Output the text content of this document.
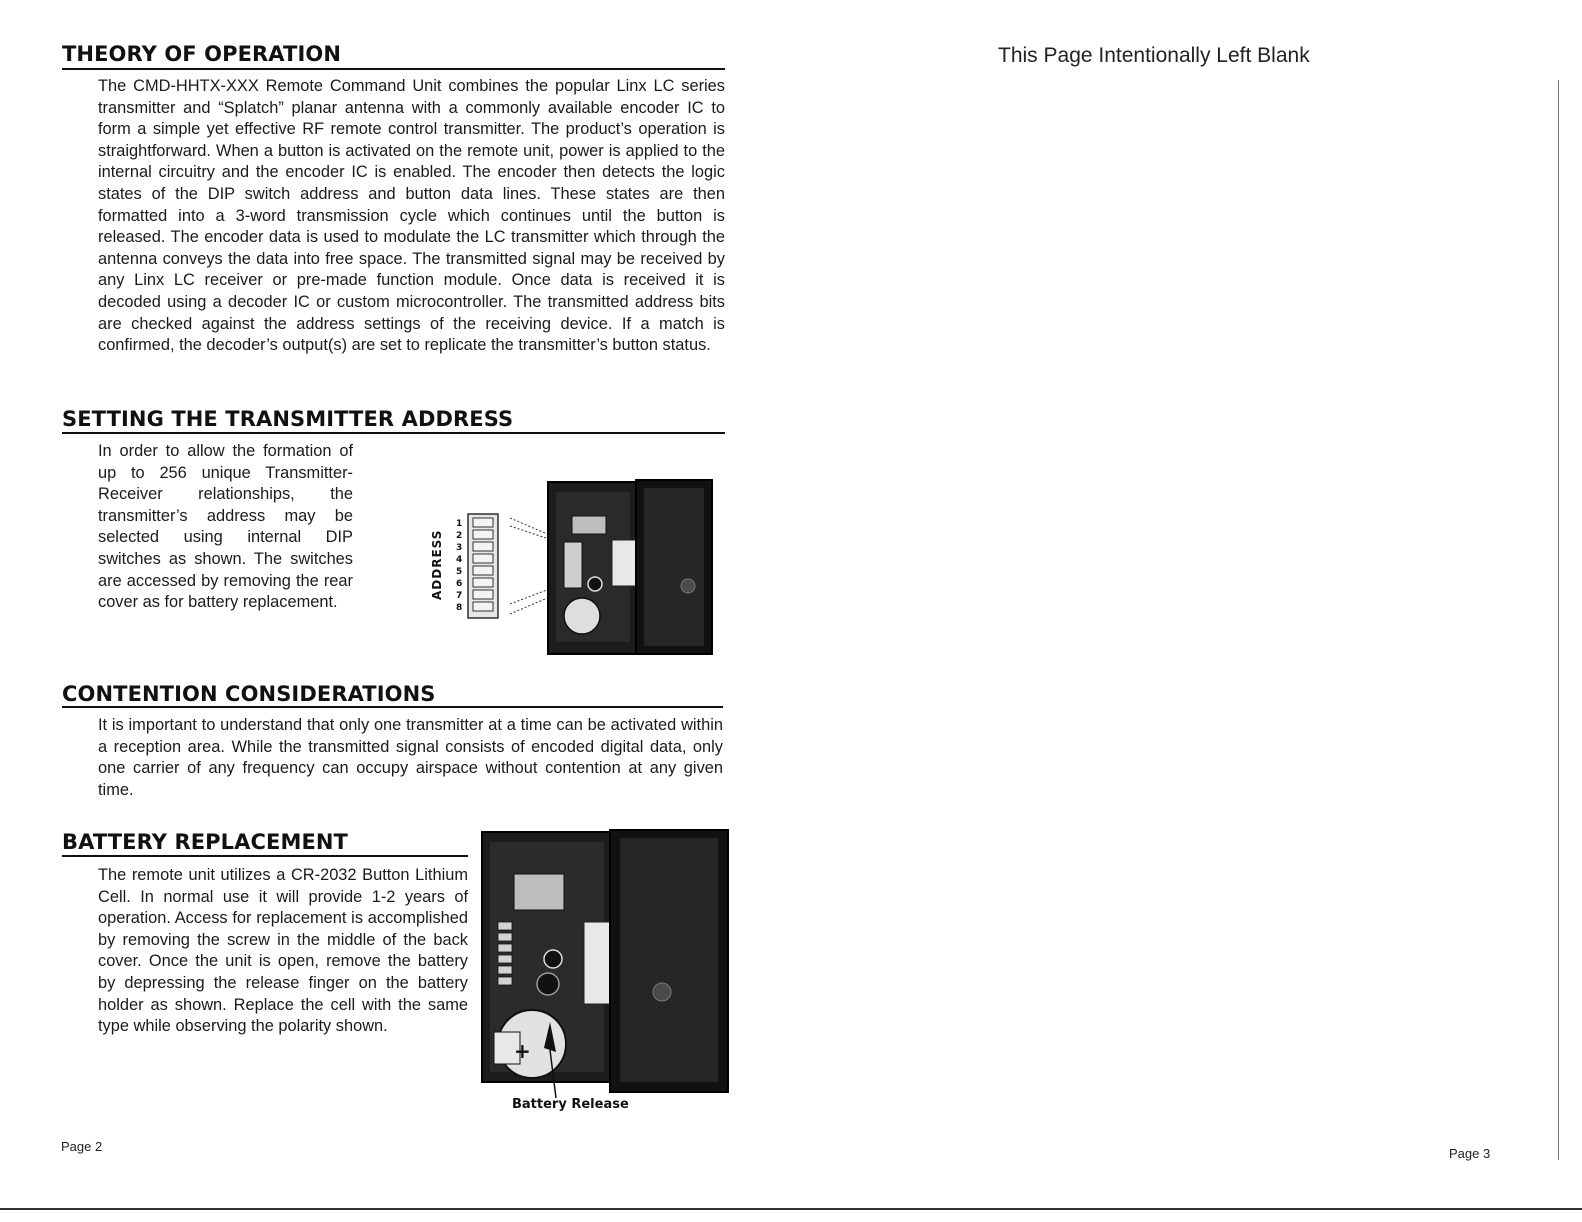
THEORY OF OPERATION

The CMD-HHTX-XXX Remote Command Unit combines the popular Linx LC series transmitter and “Splatch” planar antenna with a commonly available encoder IC to form a simple yet effective RF remote control transmitter. The product’s operation is straightforward. When a button is activated on the remote unit, power is applied to the internal circuitry and the encoder IC is enabled. The encoder then detects the logic states of the DIP switch address and button data lines. These states are then formatted into a 3-word transmission cycle which continues until the button is released. The encoder data is used to modulate the LC transmitter which through the antenna conveys the data into free space. The transmitted signal may be received by any Linx LC receiver or pre-made function module. Once data is received it is decoded using a decoder IC or custom microcontroller. The transmitted address bits are checked against the address settings of the receiving device. If a match is confirmed, the decoder’s output(s) are set to replicate the transmitter’s button status.

SETTING THE TRANSMITTER ADDRESS

In order to allow the formation of up to 256 unique Transmitter-Receiver relationships, the transmitter’s address may be selected using internal DIP switches as shown. The switches are accessed by removing the rear cover as for battery replacement.

ADDRESS
1
2
3
4
5
6
7
8
CONTENTION CONSIDERATIONS

It is important to understand that only one transmitter at a time can be activated within a reception area. While the transmitted signal consists of encoded digital data, only one carrier of any frequency can occupy airspace without contention at any given time.

BATTERY REPLACEMENT

The remote unit utilizes a CR-2032 Button Lithium Cell. In normal use it will provide 1-2 years of operation. Access for replacement is accomplished by removing the screw in the middle of the back cover. Once the unit is open, remove the battery by depressing the release finger on the battery holder as shown. Replace the cell with the same type while observing the polarity shown.

+
Battery Release
Page 2
This Page Intentionally Left Blank
Page 3
